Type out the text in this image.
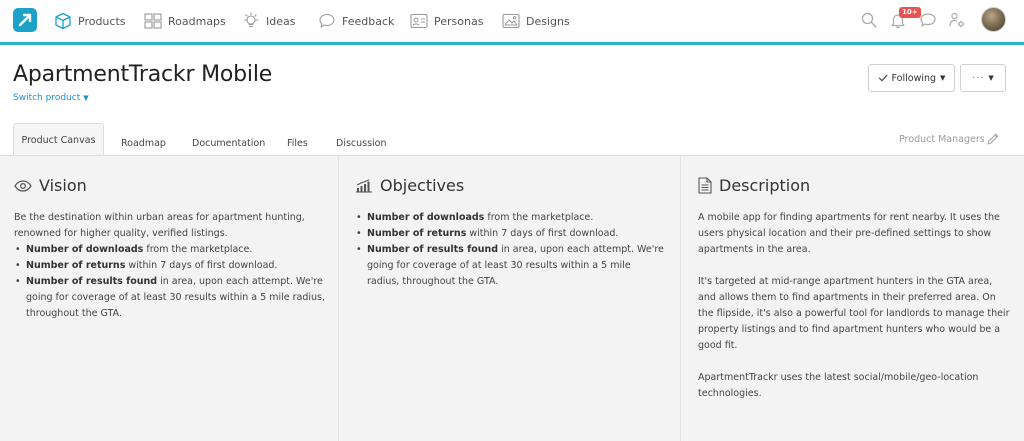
Products	Roadmaps	Ideas	Feedback	Personas	Designs
10+
ApartmentTrackr Mobile
Switch product ▼
Following ▼	··· ▼
Product Canvas	Roadmap	Documentation Files	Discussion	Product Managers
Vision

Be the destination within urban areas for apartment hunting, renowned for higher quality, verified listings.

• Number of downloads from the marketplace.
• Number of returns within 7 days of first download.
• Number of results found in area, upon each attempt. We're going for coverage of at least 30 results within a 5 mile radius, throughout the GTA.
Objectives
• Number of downloads from the marketplace.
• Number of returns within 7 days of first download.
• Number of results found in area, upon each attempt. We're going for coverage of at least 30 results within a 5 mile radius, throughout the GTA.
Description

A mobile app for finding apartments for rent nearby. It uses the users physical location and their pre-defined settings to show apartments in the area.

It's targeted at mid-range apartment hunters in the GTA area, and allows them to find apartments in their preferred area. On the flipside, it's also a powerful tool for landlords to manage their property listings and to find apartment hunters who would be a good fit.

ApartmentTrackr uses the latest social/mobile/geo-location technologies.
